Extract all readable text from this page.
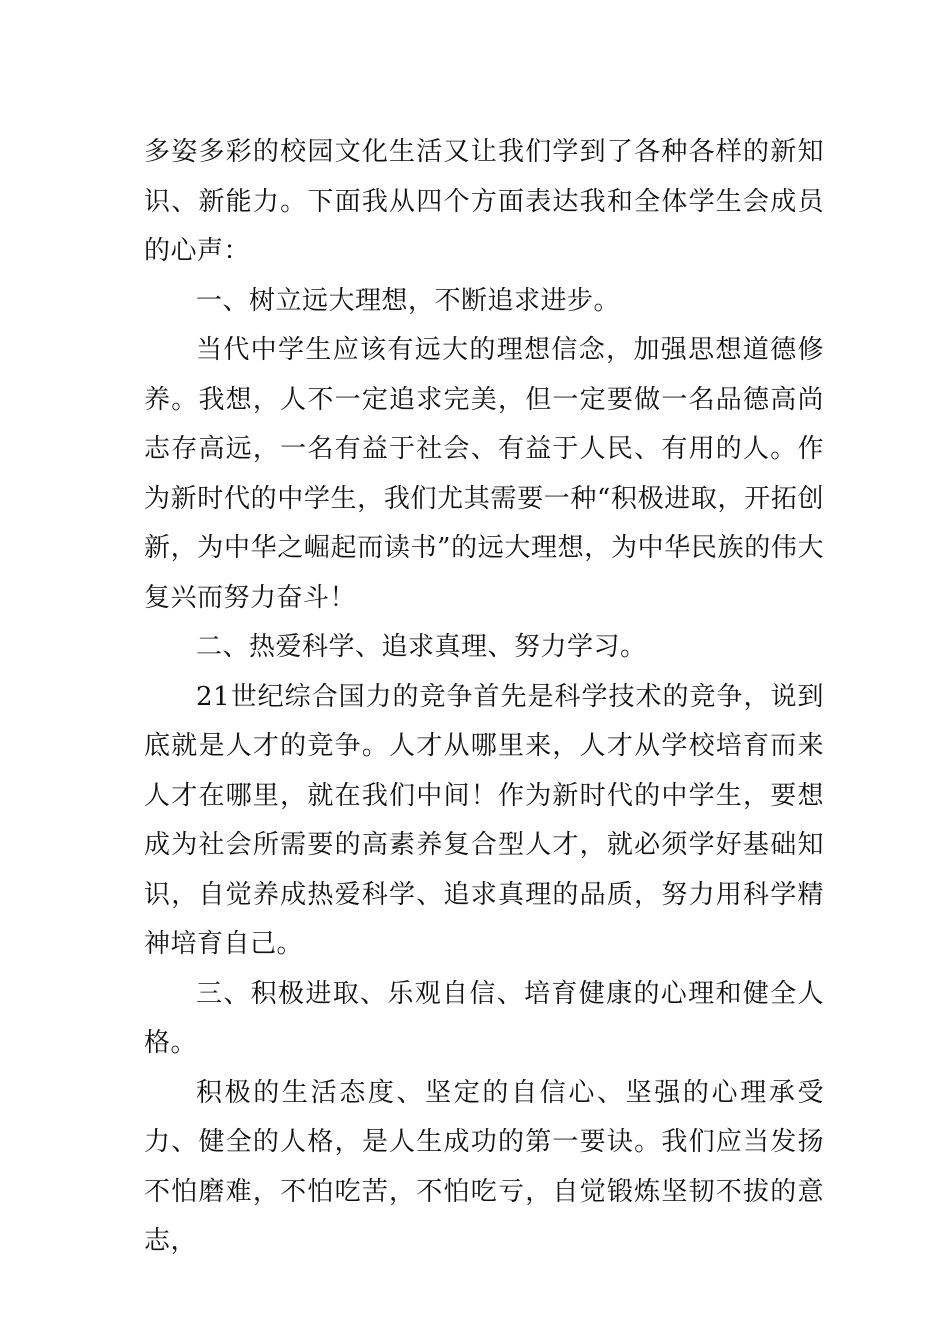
多姿多彩的校园文化生活又让我们学到了各种各样的新知识、新能力。下面我从四个方面表达我和全体学生会成员的心声：

一、树立远大理想，不断追求进步。

当代中学生应该有远大的理想信念，加强思想道德修养。我想，人不一定追求完美，但一定要做一名品德高尚志存高远，一名有益于社会、有益于人民、有用的人。作为新时代的中学生，我们尤其需要一种“积极进取，开拓创新，为中华之崛起而读书”的远大理想，为中华民族的伟大复兴而努力奋斗！

二、热爱科学、追求真理、努力学习。

21世纪综合国力的竞争首先是科学技术的竞争，说到底就是人才的竞争。人才从哪里来，人才从学校培育而来人才在哪里，就在我们中间！作为新时代的中学生，要想成为社会所需要的高素养复合型人才，就必须学好基础知识，自觉养成热爱科学、追求真理的品质，努力用科学精神培育自己。

三、积极进取、乐观自信、培育健康的心理和健全人格。

积极的生活态度、坚定的自信心、坚强的心理承受力、健全的人格，是人生成功的第一要诀。我们应当发扬不怕磨难，不怕吃苦，不怕吃亏，自觉锻炼坚韧不拔的意志，
